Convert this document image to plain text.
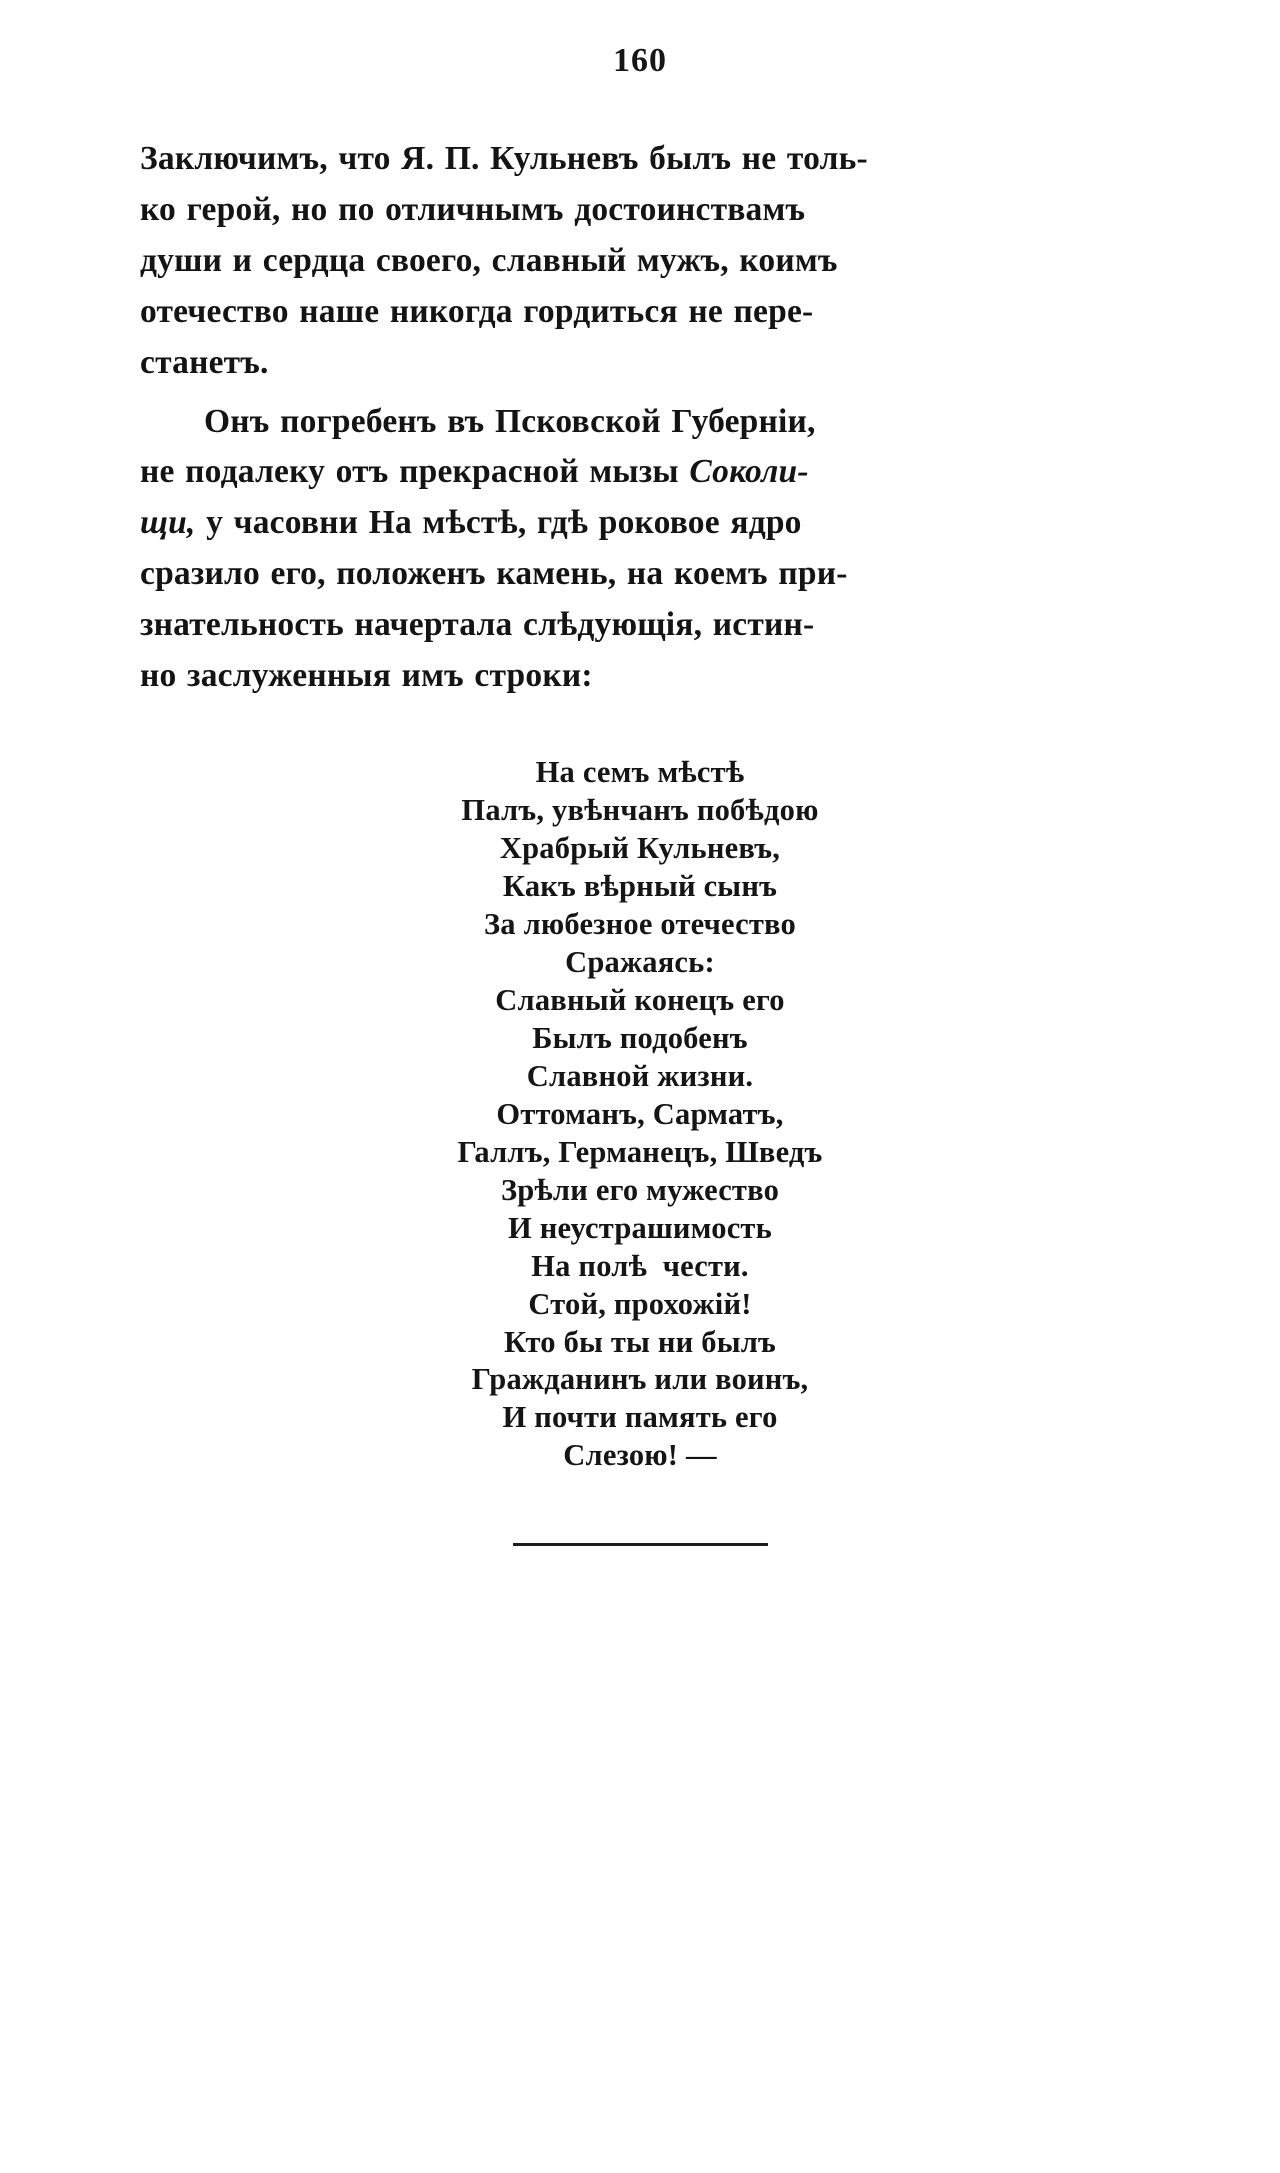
160

Заключимъ, что Я. П. Кульневъ былъ не толь-
ко герой, но по отличнымъ достоинствамъ
души и сердца своего, славный мужъ, коимъ
отечество наше никогда гордиться не пере-
станетъ.

Онъ погребенъ въ Псковской Губерніи,
не подалеку отъ прекрасной мызы Соколи-
щи, у часовни На мѣстѣ, гдѣ роковое ядро
сразило его, положенъ камень, на коемъ при-
знательность начертала слѣдующія, истин-
но заслуженныя имъ строки:

На семъ мѣстѣ
Палъ, увѣнчанъ побѣдою
Храбрый Кульневъ,
Какъ вѣрный сынъ
За любезное отечество
Сражаясь:
Славный конецъ его
Былъ подобенъ
Славной жизни.
Оттоманъ, Сарматъ,
Галлъ, Германецъ, Шведъ
Зрѣли его мужество
И неустрашимость
На полѣ  чести.
Стой, прохожій!
Кто бы ты ни былъ
Гражданинъ или воинъ,
И почти память его
Слезою! —
